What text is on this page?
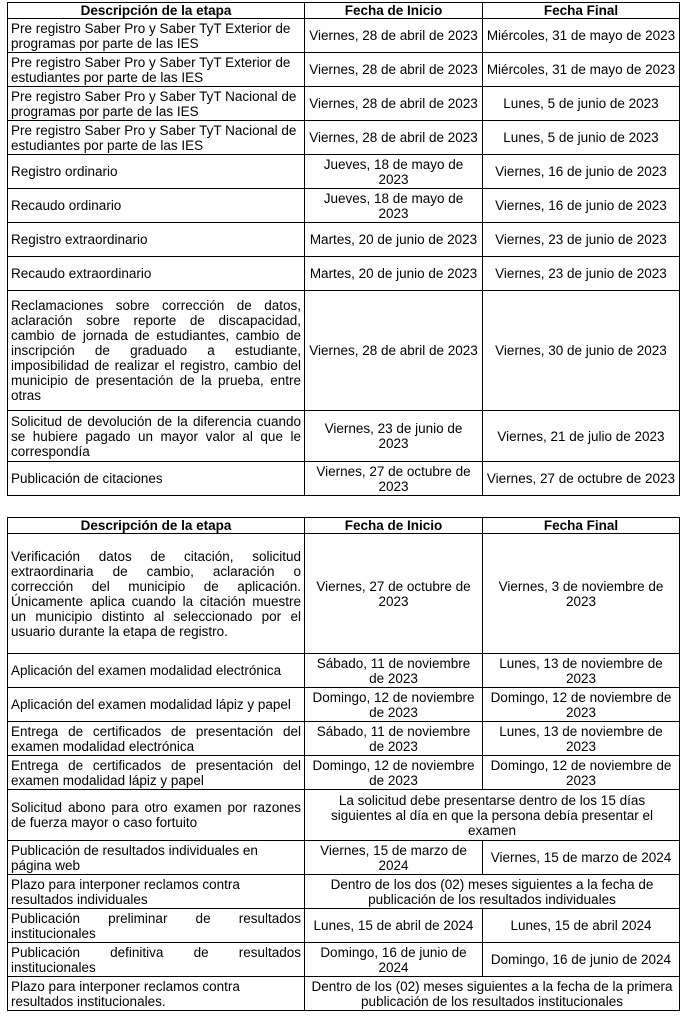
Descripción de la etapa	Fecha de Inicio	Fecha Final
Pre registro Saber Pro y Saber TyT Exterior de programas por parte de las IES	Viernes, 28 de abril de 2023	Miércoles, 31 de mayo de 2023
Pre registro Saber Pro y Saber TyT Exterior de estudiantes por parte de las IES	Viernes, 28 de abril de 2023	Miércoles, 31 de mayo de 2023
Pre registro Saber Pro y Saber TyT Nacional de programas por parte de las IES	Viernes, 28 de abril de 2023	Lunes, 5 de junio de 2023
Pre registro Saber Pro y Saber TyT Nacional de estudiantes por parte de las IES	Viernes, 28 de abril de 2023	Lunes, 5 de junio de 2023
Registro ordinario	Jueves, 18 de mayo de 2023	Viernes, 16 de junio de 2023
Recaudo ordinario	Jueves, 18 de mayo de 2023	Viernes, 16 de junio de 2023
Registro extraordinario	Martes, 20 de junio de 2023	Viernes, 23 de junio de 2023
Recaudo extraordinario	Martes, 20 de junio de 2023	Viernes, 23 de junio de 2023
Reclamaciones sobre corrección de datos, aclaración sobre reporte de discapacidad, cambio de jornada de estudiantes, cambio de inscripción de graduado a estudiante, imposibilidad de realizar el registro, cambio del municipio de presentación de la prueba, entre otras	Viernes, 28 de abril de 2023	Viernes, 30 de junio de 2023
Solicitud de devolución de la diferencia cuando se hubiere pagado un mayor valor al que le correspondía	Viernes, 23 de junio de 2023	Viernes, 21 de julio de 2023
Publicación de citaciones	Viernes, 27 de octubre de 2023	Viernes, 27 de octubre de 2023
Descripción de la etapa	Fecha de Inicio	Fecha Final
Verificación datos de citación, solicitud extraordinaria de cambio, aclaración o corrección del municipio de aplicación. Únicamente aplica cuando la citación muestre un municipio distinto al seleccionado por el usuario durante la etapa de registro.	Viernes, 27 de octubre de 2023	Viernes, 3 de noviembre de 2023
Aplicación del examen modalidad electrónica	Sábado, 11 de noviembre de 2023	Lunes, 13 de noviembre de 2023
Aplicación del examen modalidad lápiz y papel	Domingo, 12 de noviembre de 2023	Domingo, 12 de noviembre de 2023
Entrega de certificados de presentación del examen modalidad electrónica	Sábado, 11 de noviembre de 2023	Lunes, 13 de noviembre de 2023
Entrega de certificados de presentación del examen modalidad lápiz y papel	Domingo, 12 de noviembre de 2023	Domingo, 12 de noviembre de 2023
Solicitud abono para otro examen por razones de fuerza mayor o caso fortuito	La solicitud debe presentarse dentro de los 15 días siguientes al día en que la persona debía presentar el examen	
Publicación de resultados individuales en página web	Viernes, 15 de marzo de 2024	Viernes, 15 de marzo de 2024
Plazo para interponer reclamos contra resultados individuales	Dentro de los dos (02) meses siguientes a la fecha de publicación de los resultados individuales	
Publicación preliminar de resultados institucionales	Lunes, 15 de abril de 2024	Lunes, 15 de abril 2024
Publicación definitiva de resultados institucionales	Domingo, 16 de junio de 2024	Domingo, 16 de junio de 2024
Plazo para interponer reclamos contra resultados institucionales.	Dentro de los (02) meses siguientes a la fecha de la primera publicación de los resultados institucionales	
